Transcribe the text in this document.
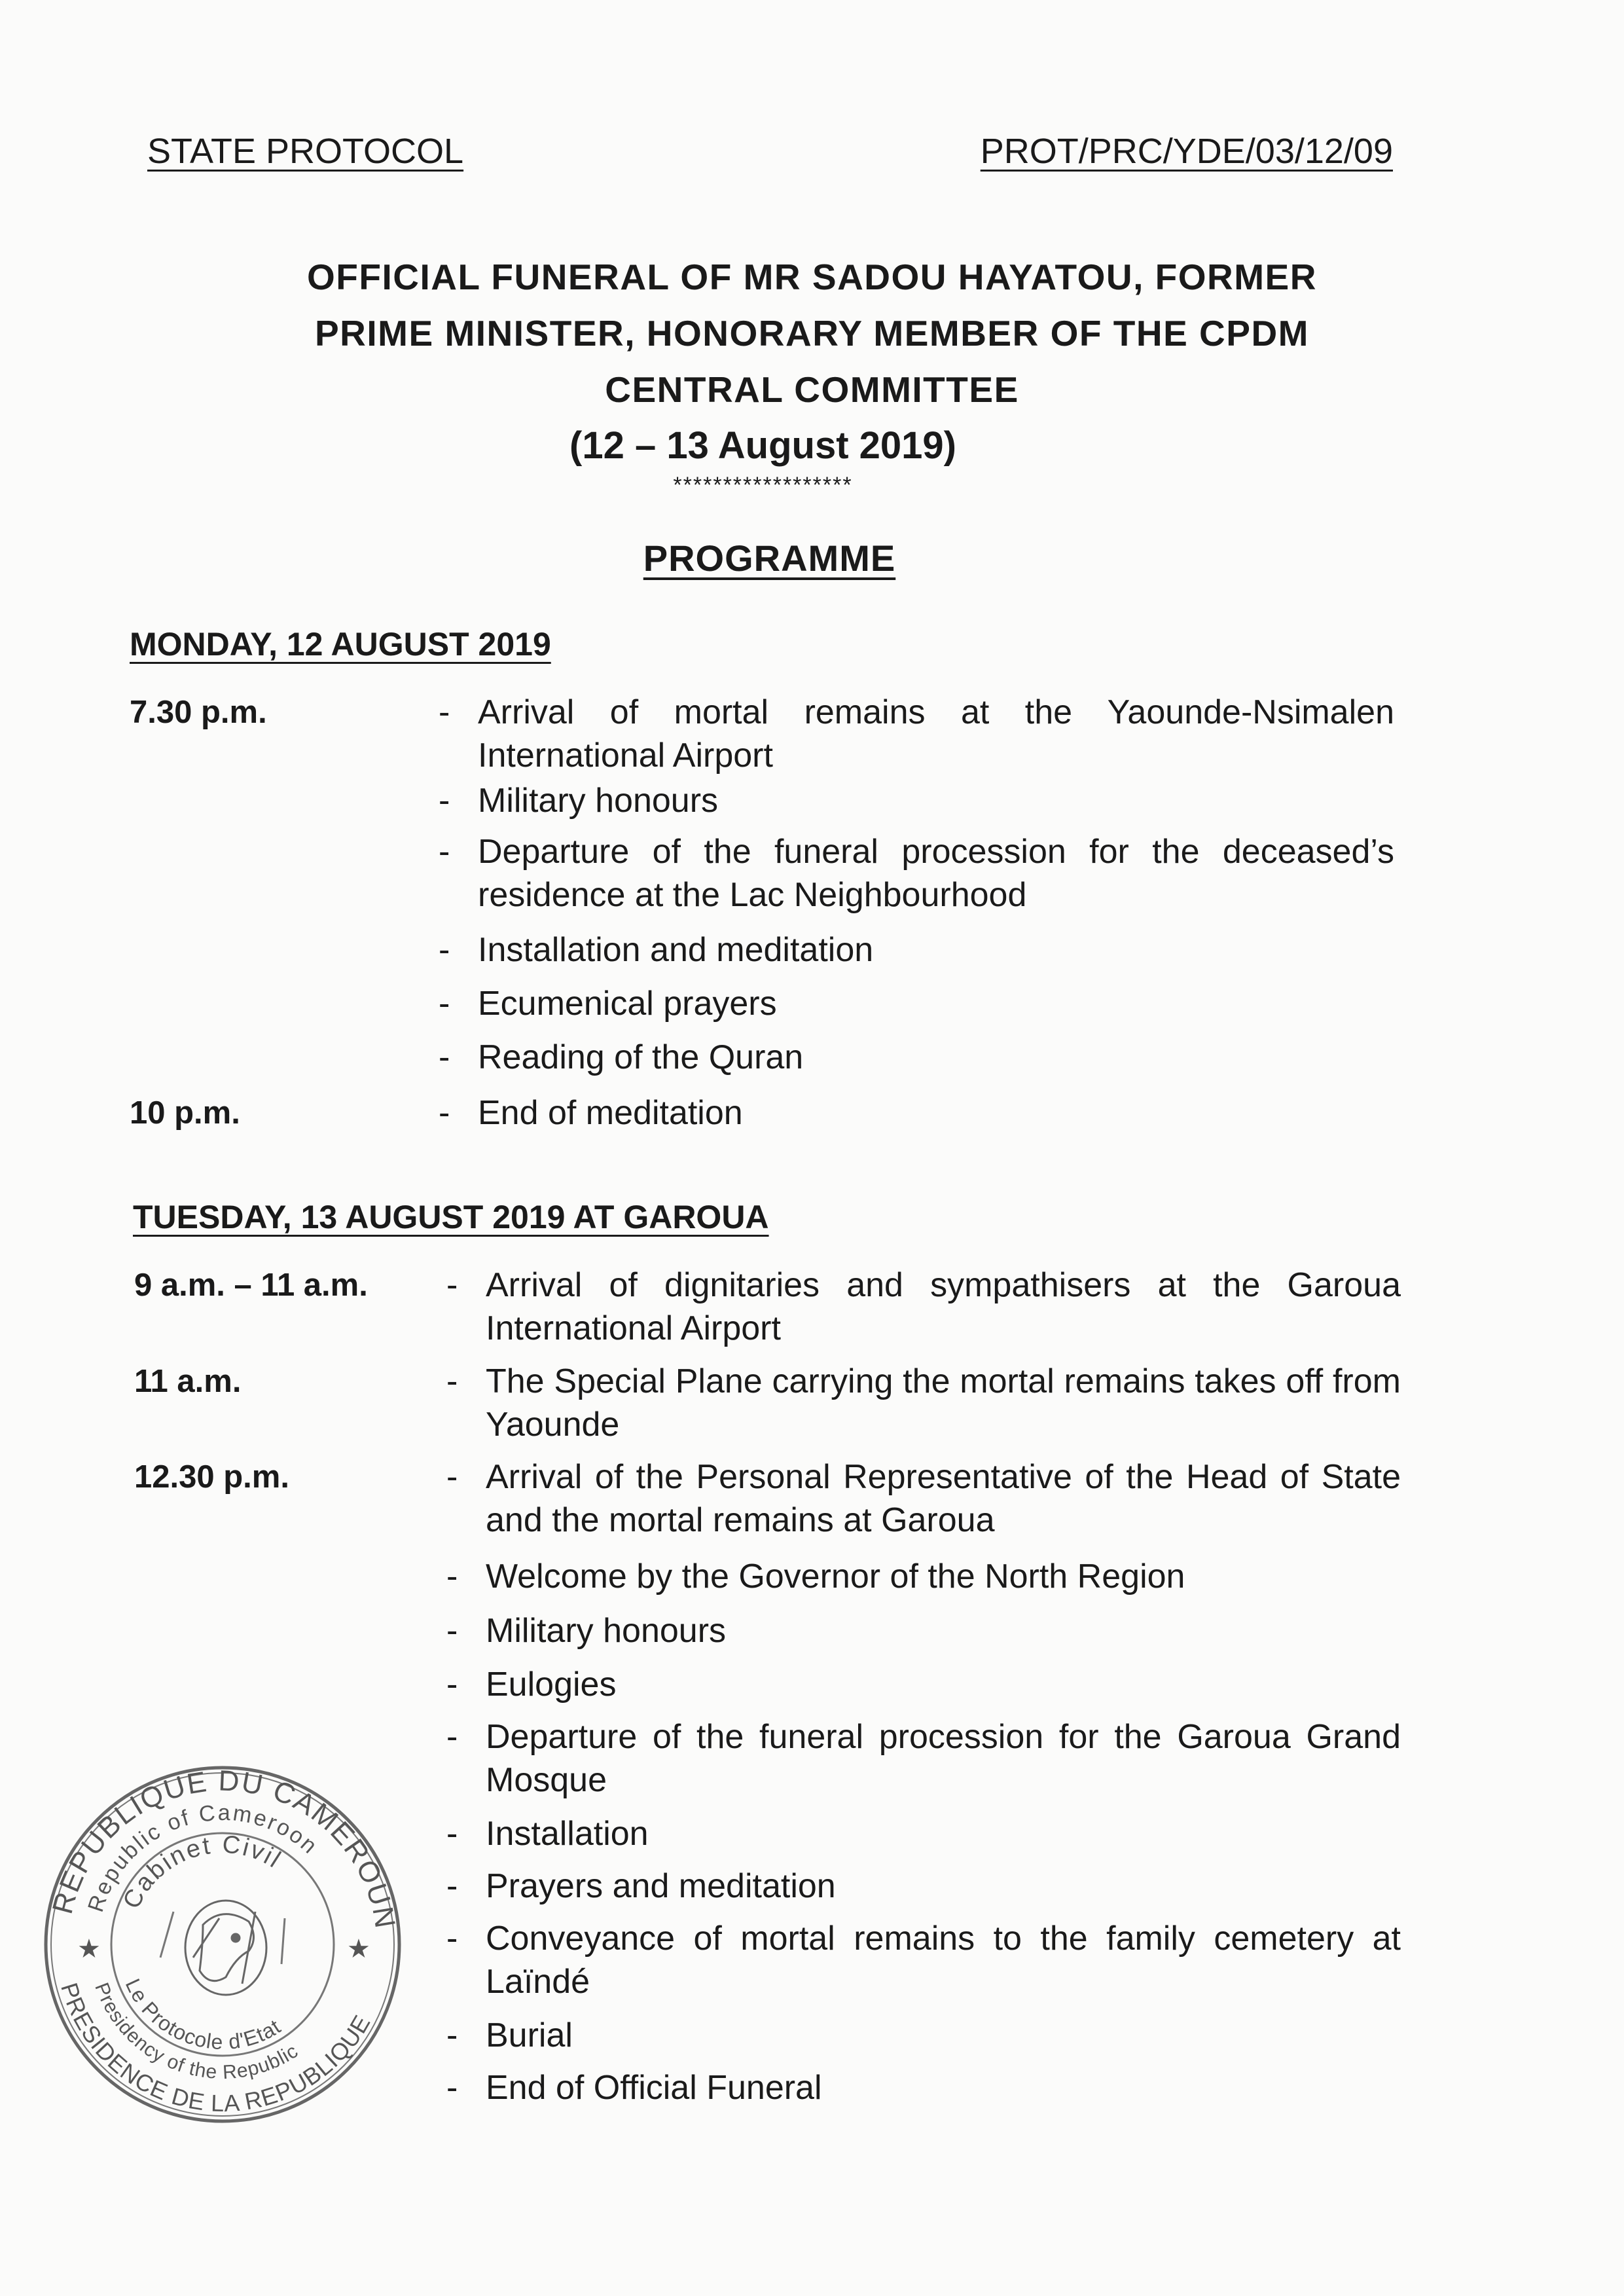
STATE PROTOCOL	PROT/PRC/YDE/03/12/09
OFFICIAL FUNERAL OF MR SADOU HAYATOU, FORMER
PRIME MINISTER, HONORARY MEMBER OF THE CPDM
CENTRAL COMMITTEE
(12 – 13 August 2019)
******************
PROGRAMME
MONDAY, 12 AUGUST 2019
7.30 p.m.	- Arrival of mortal remains at the Yaounde-Nsimalen International Airport
- Military honours
- Departure of the funeral procession for the deceased’s residence at the Lac Neighbourhood
- Installation and meditation
- Ecumenical prayers
- Reading of the Quran
10 p.m.	- End of meditation
TUESDAY, 13 AUGUST 2019 AT GAROUA
9 a.m. – 11 a.m. - Arrival of dignitaries and sympathisers at the Garoua International Airport
11 a.m.	- The Special Plane carrying the mortal remains takes off from Yaounde
12.30 p.m.	- Arrival of the Personal Representative of the Head of State and the mortal remains at Garoua
- Welcome by the Governor of the North Region
- Military honours
- Eulogies
- Departure of the funeral procession for the Garoua Grand Mosque
- Installation
- Prayers and meditation
- Conveyance of mortal remains to the family cemetery at Laïndé
- Burial
- End of Official Funeral
REPUBLIQUE DU CAMEROUN
PRESIDENCE DE LA REPUBLIQUE
Republic of Cameroon
Presidency of the Republic
Cabinet Civil
Le Protocole d'Etat
★	★
